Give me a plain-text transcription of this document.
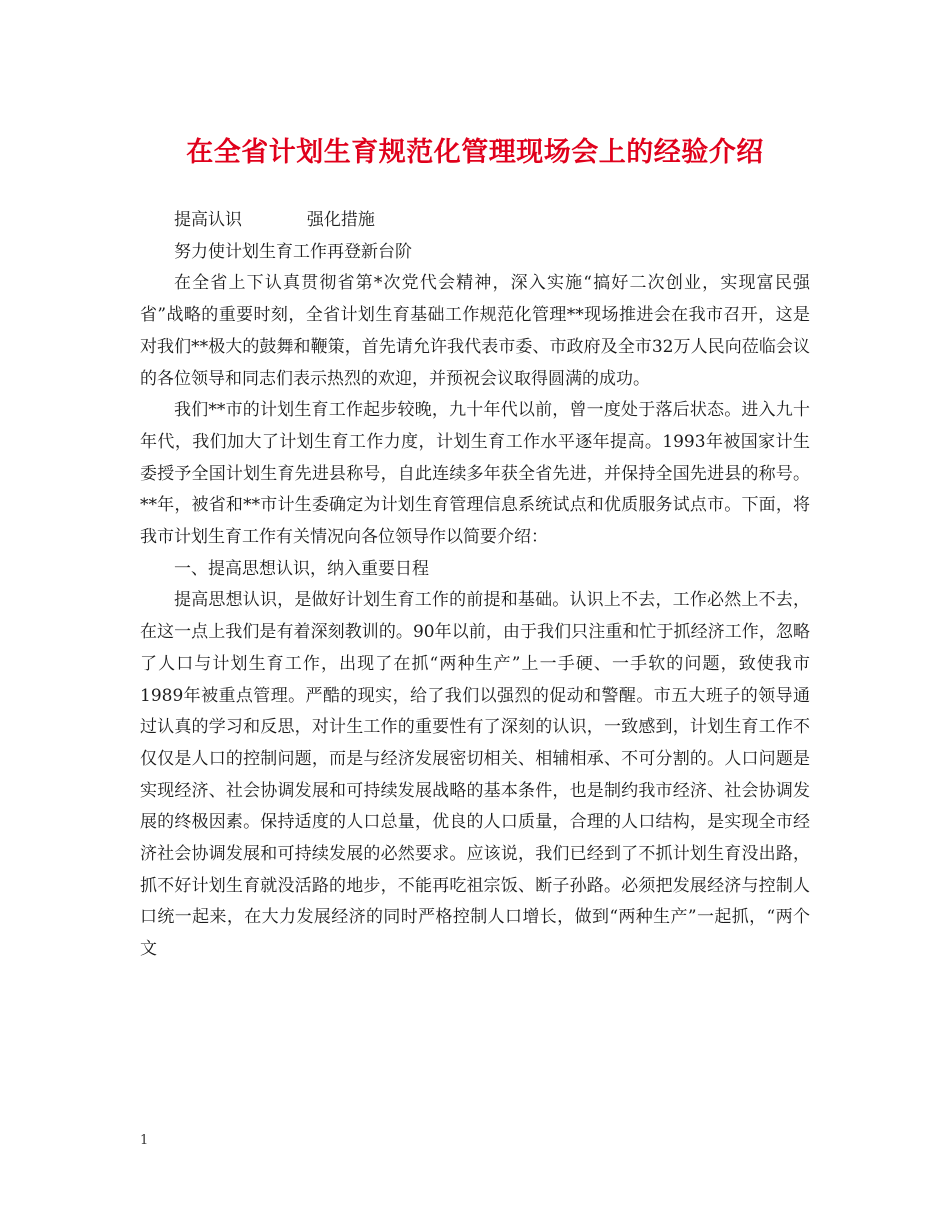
在全省计划生育规范化管理现场会上的经验介绍

提高认识            强化措施

努力使计划生育工作再登新台阶

在全省上下认真贯彻省第*次党代会精神，深入实施“搞好二次创业，实现富民强省”战略的重要时刻，全省计划生育基础工作规范化管理**现场推进会在我市召开，这是对我们**极大的鼓舞和鞭策，首先请允许我代表市委、市政府及全市32万人民向莅临会议的各位领导和同志们表示热烈的欢迎，并预祝会议取得圆满的成功。

我们**市的计划生育工作起步较晚，九十年代以前，曾一度处于落后状态。进入九十年代，我们加大了计划生育工作力度，计划生育工作水平逐年提高。1993年被国家计生委授予全国计划生育先进县称号，自此连续多年获全省先进，并保持全国先进县的称号。**年，被省和**市计生委确定为计划生育管理信息系统试点和优质服务试点市。下面，将我市计划生育工作有关情况向各位领导作以简要介绍：

一、提高思想认识，纳入重要日程

提高思想认识，是做好计划生育工作的前提和基础。认识上不去，工作必然上不去，在这一点上我们是有着深刻教训的。90年以前，由于我们只注重和忙于抓经济工作，忽略了人口与计划生育工作，出现了在抓“两种生产”上一手硬、一手软的问题，致使我市1989年被重点管理。严酷的现实，给了我们以强烈的促动和警醒。市五大班子的领导通过认真的学习和反思，对计生工作的重要性有了深刻的认识，一致感到，计划生育工作不仅仅是人口的控制问题，而是与经济发展密切相关、相辅相承、不可分割的。人口问题是实现经济、社会协调发展和可持续发展战略的基本条件，也是制约我市经济、社会协调发展的终极因素。保持适度的人口总量，优良的人口质量，合理的人口结构，是实现全市经济社会协调发展和可持续发展的必然要求。应该说，我们已经到了不抓计划生育没出路，抓不好计划生育就没活路的地步，不能再吃祖宗饭、断子孙路。必须把发展经济与控制人口统一起来，在大力发展经济的同时严格控制人口增长，做到“两种生产”一起抓，“两个文

1
